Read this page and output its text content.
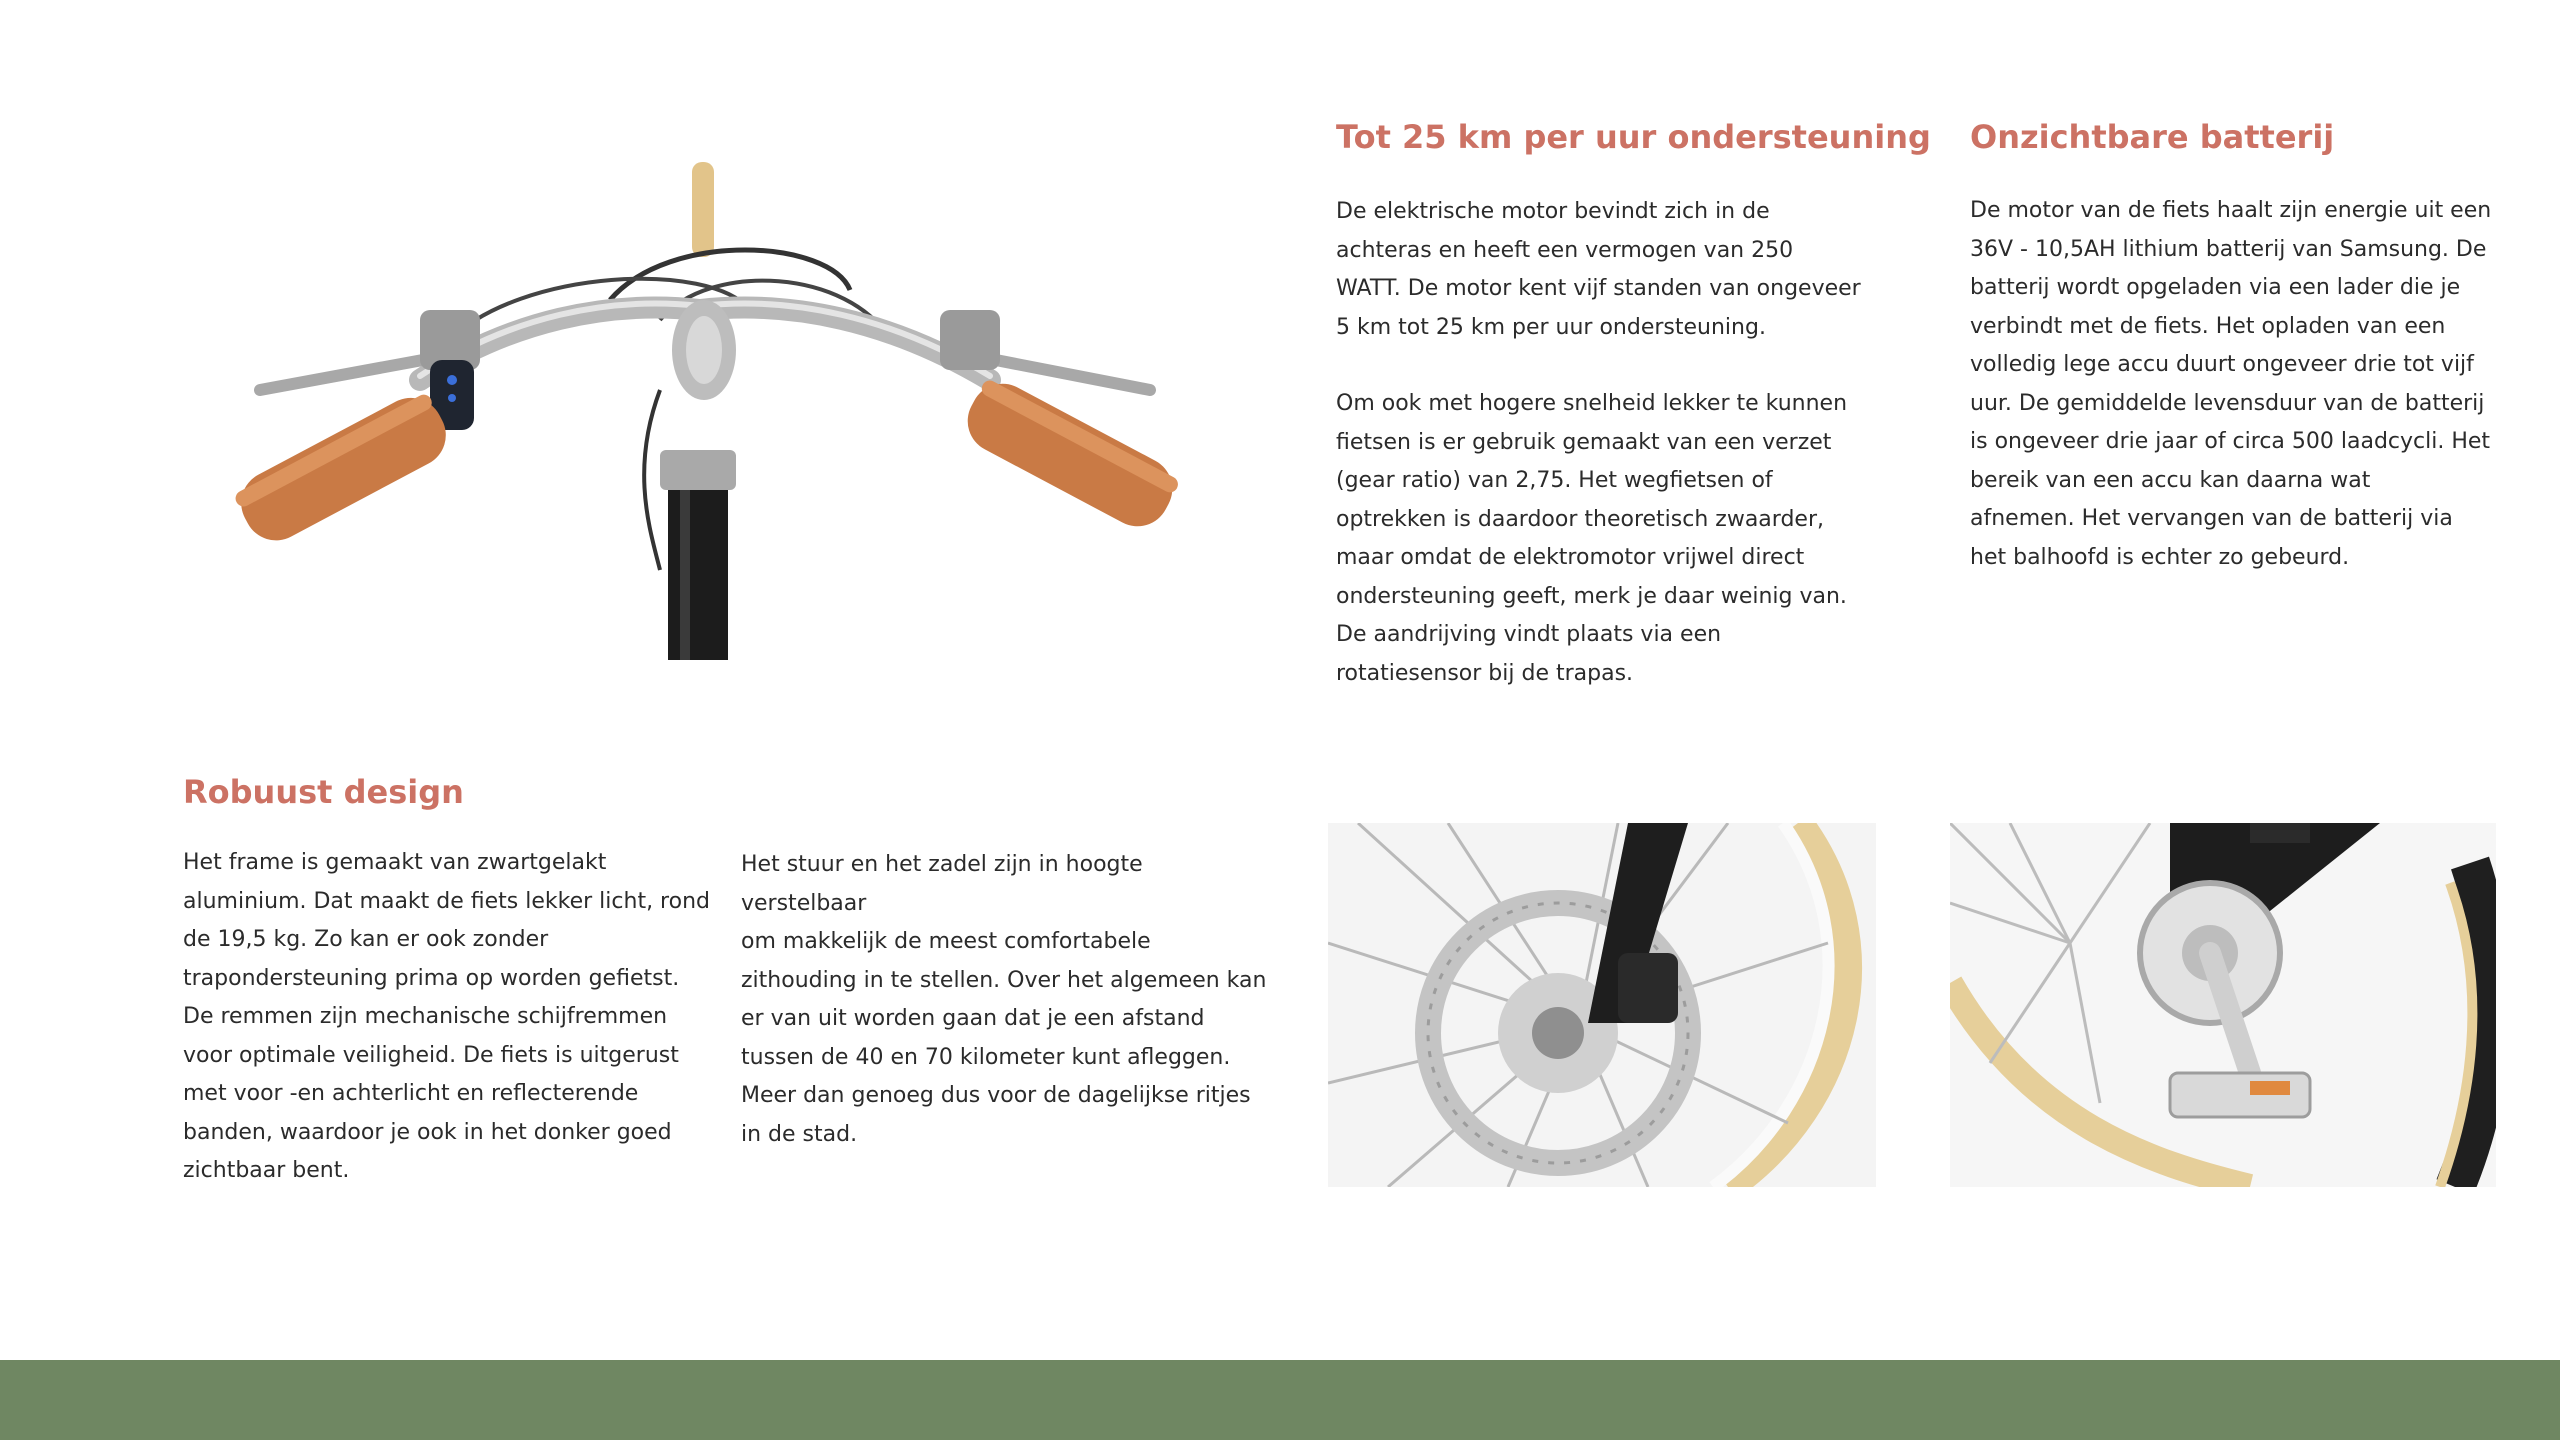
Tot 25 km per uur ondersteuning

De elektrische motor bevindt zich in de
achteras en heeft een vermogen van 250
WATT. De motor kent vijf standen van ongeveer
5 km tot 25 km per uur ondersteuning.

Om ook met hogere snelheid lekker te kunnen
fietsen is er gebruik gemaakt van een verzet
(gear ratio) van 2,75. Het wegfietsen of
optrekken is daardoor theoretisch zwaarder,
maar omdat de elektromotor vrijwel direct
ondersteuning geeft, merk je daar weinig van.
De aandrijving vindt plaats via een
rotatiesensor bij de trapas.

Onzichtbare batterij

De motor van de fiets haalt zijn energie uit een
36V - 10,5AH lithium batterij van Samsung. De
batterij wordt opgeladen via een lader die je
verbindt met de fiets. Het opladen van een
volledig lege accu duurt ongeveer drie tot vijf
uur. De gemiddelde levensduur van de batterij
is ongeveer drie jaar of circa 500 laadcycli. Het
bereik van een accu kan daarna wat
afnemen. Het vervangen van de batterij via
het balhoofd is echter zo gebeurd.

Robuust design

Het frame is gemaakt van zwartgelakt
aluminium. Dat maakt de fiets lekker licht, rond
de 19,5 kg. Zo kan er ook zonder
trapondersteuning prima op worden gefietst.
De remmen zijn mechanische schijfremmen
voor optimale veiligheid. De fiets is uitgerust
met voor -en achterlicht en reflecterende
banden, waardoor je ook in het donker goed
zichtbaar bent.

Het stuur en het zadel zijn in hoogte verstelbaar
om makkelijk de meest comfortabele
zithouding in te stellen. Over het algemeen kan
er van uit worden gaan dat je een afstand
tussen de 40 en 70 kilometer kunt afleggen.
Meer dan genoeg dus voor de dagelijkse ritjes
in de stad.
